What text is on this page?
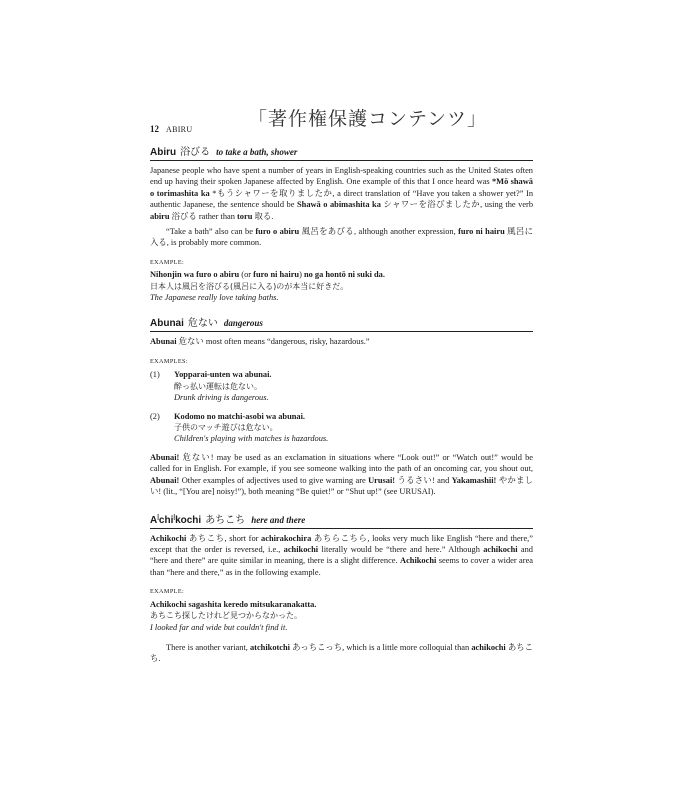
12 ABIRU	「著作権保護コンテンツ」
Abiru 浴びる to take a bath, shower

Japanese people who have spent a number of years in English-speaking countries such as the United States often end up having their spoken Japanese affected by English. One example of this that I once heard was *Mō shawā o torimashita ka *もうシャワーを取りましたか, a direct translation of “Have you taken a shower yet?” In authentic Japanese, the sentence should be Shawā o abimashita ka シャワーを浴びましたか, using the verb abiru 浴びる rather than toru 取る.

“Take a bath” also can be furo o abiru 風呂をあびる, although another expression, furo ni hairu 風呂に入る, is probably more common.

EXAMPLE:

Nihonjin wa furo o abiru (or furo ni hairu) no ga hontō ni suki da.

日本人は風呂を浴びる(風呂に入る)のが本当に好きだ。

The Japanese really love taking baths.

Abunai 危ない dangerous

Abunai 危ない most often means “dangerous, risky, hazardous.”

EXAMPLES:
(1)	Yopparai-unten wa abunai.

酔っ払い運転は危ない。

Drunk driving is dangerous.

(2)	Kodomo no matchi-asobi wa abunai.

子供のマッチ遊びは危ない。

Children's playing with matches is hazardous.

Abunai! 危ない! may be used as an exclamation in situations where “Look out!” or “Watch out!” would be called for in English. For example, if you see someone walking into the path of an oncoming car, you shout out, Abunai! Other examples of adjectives used to give warning are Urusai! うるさい! and Yakamashii! やかましい! (lit., “[You are] noisy!”), both meaning “Be quiet!” or “Shut up!” (see URUSAI).

A|chi|kochi あちこち here and there

Achikochi あちこち, short for achirakochira あちらこちら, looks very much like English “here and there,” except that the order is reversed, i.e., achikochi literally would be “there and here.” Although achikochi and “here and there” are quite similar in meaning, there is a slight difference. Achikochi seems to cover a wider area than “here and there,” as in the following example.

EXAMPLE:

Achikochi sagashita keredo mitsukaranakatta.

あちこち探したけれど見つからなかった。

I looked far and wide but couldn't find it.

There is another variant, atchikotchi あっちこっち, which is a little more colloquial than achikochi あちこち.
